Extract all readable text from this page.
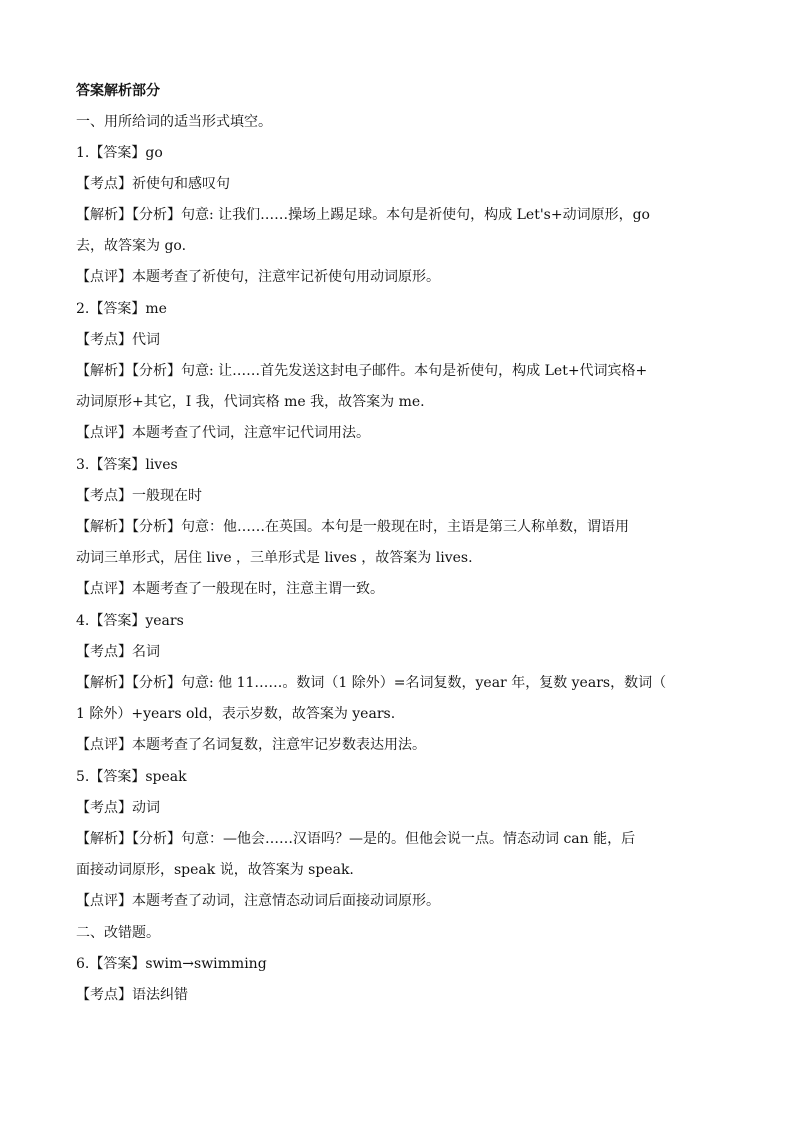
答案解析部分
一、用所给词的适当形式填空。
1.【答案】go
【考点】祈使句和感叹句
【解析】【分析】句意: 让我们……操场上踢足球。本句是祈使句，构成 Let's+动词原形，go
去，故答案为 go.
【点评】本题考查了祈使句，注意牢记祈使句用动词原形。
2.【答案】me
【考点】代词
【解析】【分析】句意: 让……首先发送这封电子邮件。本句是祈使句，构成 Let+代词宾格+
动词原形+其它，I 我，代词宾格 me 我，故答案为 me.
【点评】本题考查了代词，注意牢记代词用法。
3.【答案】lives
【考点】一般现在时
【解析】【分析】句意：他……在英国。本句是一般现在时，主语是第三人称单数，谓语用
动词三单形式，居住 live ，三单形式是 lives ，故答案为 lives.
【点评】本题考查了一般现在时，注意主谓一致。
4.【答案】years
【考点】名词
【解析】【分析】句意: 他 11……。数词（1 除外）=名词复数，year 年，复数 years，数词（
1 除外）+years old，表示岁数，故答案为 years.
【点评】本题考查了名词复数，注意牢记岁数表达用法。
5.【答案】speak
【考点】动词
【解析】【分析】句意：—他会……汉语吗？—是的。但他会说一点。情态动词 can 能，后
面接动词原形，speak 说，故答案为 speak.
【点评】本题考查了动词，注意情态动词后面接动词原形。
二、改错题。
6.【答案】swim→swimming
【考点】语法纠错
